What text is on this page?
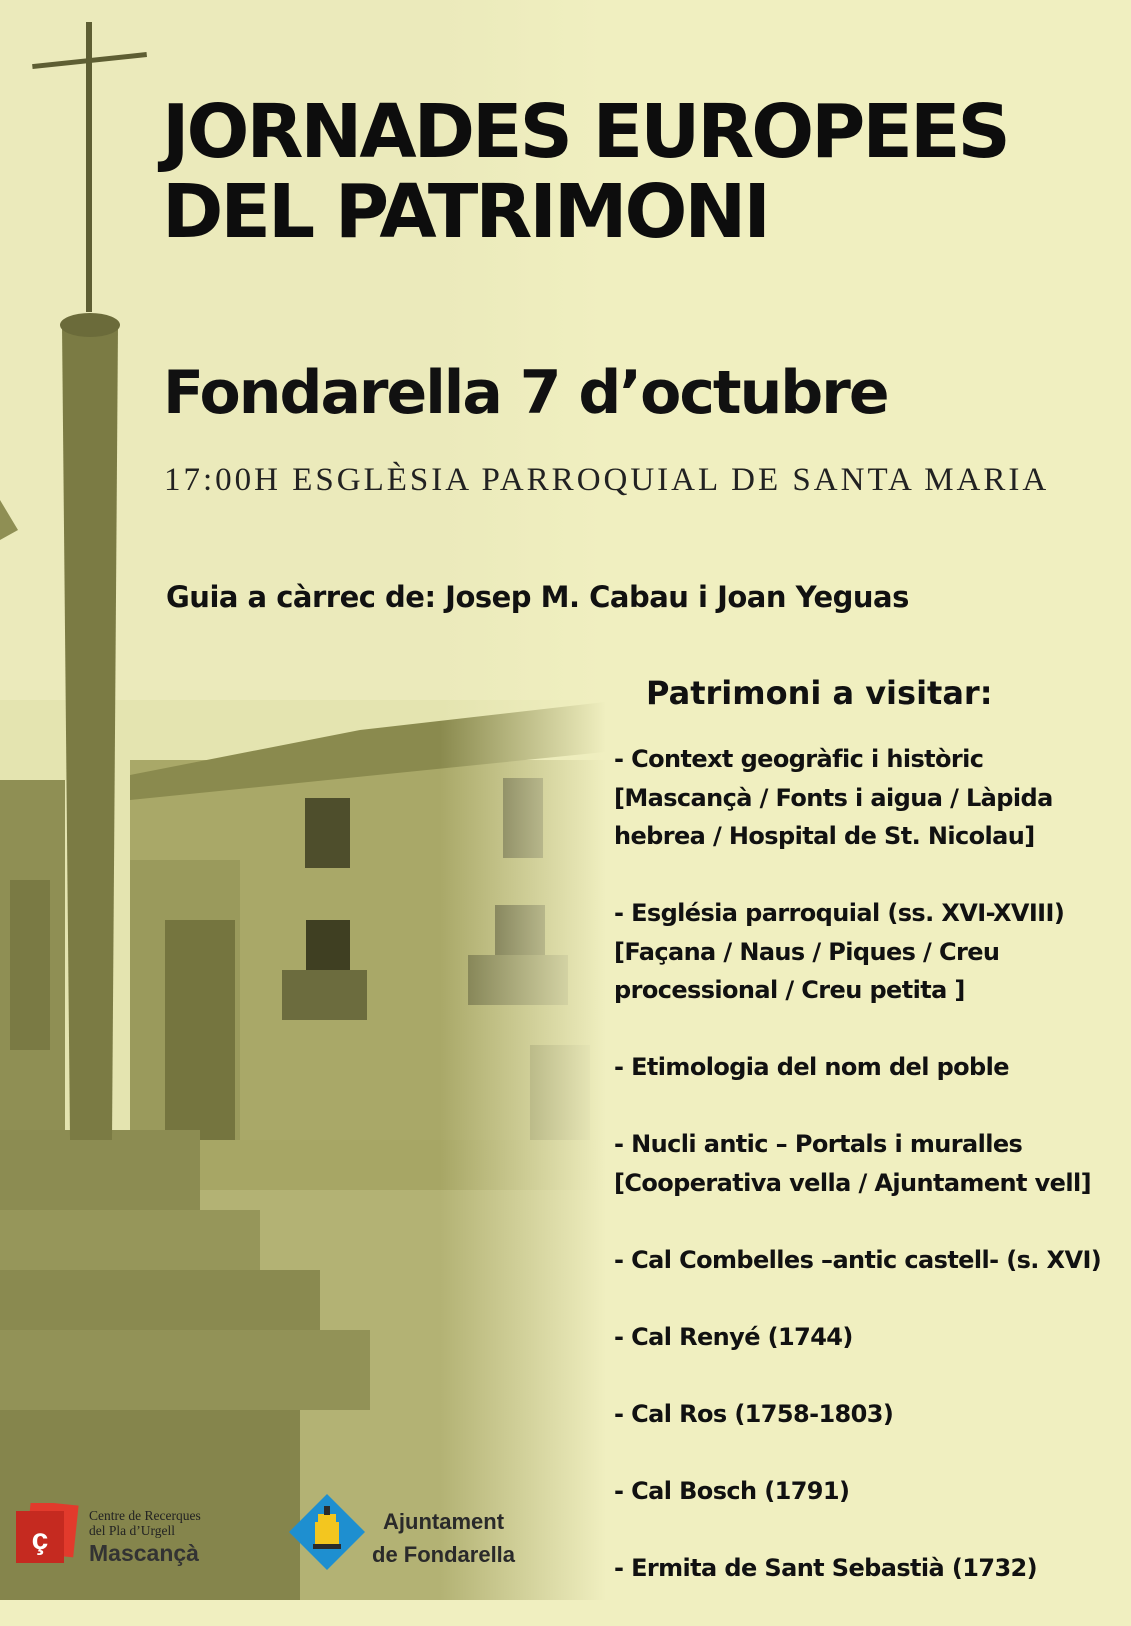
JORNADES EUROPEES
DEL PATRIMONI
Fondarella 7 d’octubre
17:00H ESGLÈSIA PARROQUIAL DE SANTA MARIA
Guia a càrrec de: Josep M. Cabau i Joan Yeguas
Patrimoni a visitar:
- Context geogràfic i històric
[Mascançà / Fonts i aigua / Làpida
hebrea / Hospital de St. Nicolau]
- Església parroquial (ss. XVI-XVIII)
[Façana / Naus / Piques / Creu
processional / Creu petita ]
- Etimologia del nom del poble
- Nucli antic – Portals i muralles
[Cooperativa vella / Ajuntament vell]
- Cal Combelles –antic castell- (s. XVI)
- Cal Renyé (1744)
- Cal Ros (1758-1803)
- Cal Bosch (1791)
- Ermita de Sant Sebastià (1732)
ç
Centre de Recerques
del Pla d’Urgell
Mascançà
Ajuntament
de Fondarella
